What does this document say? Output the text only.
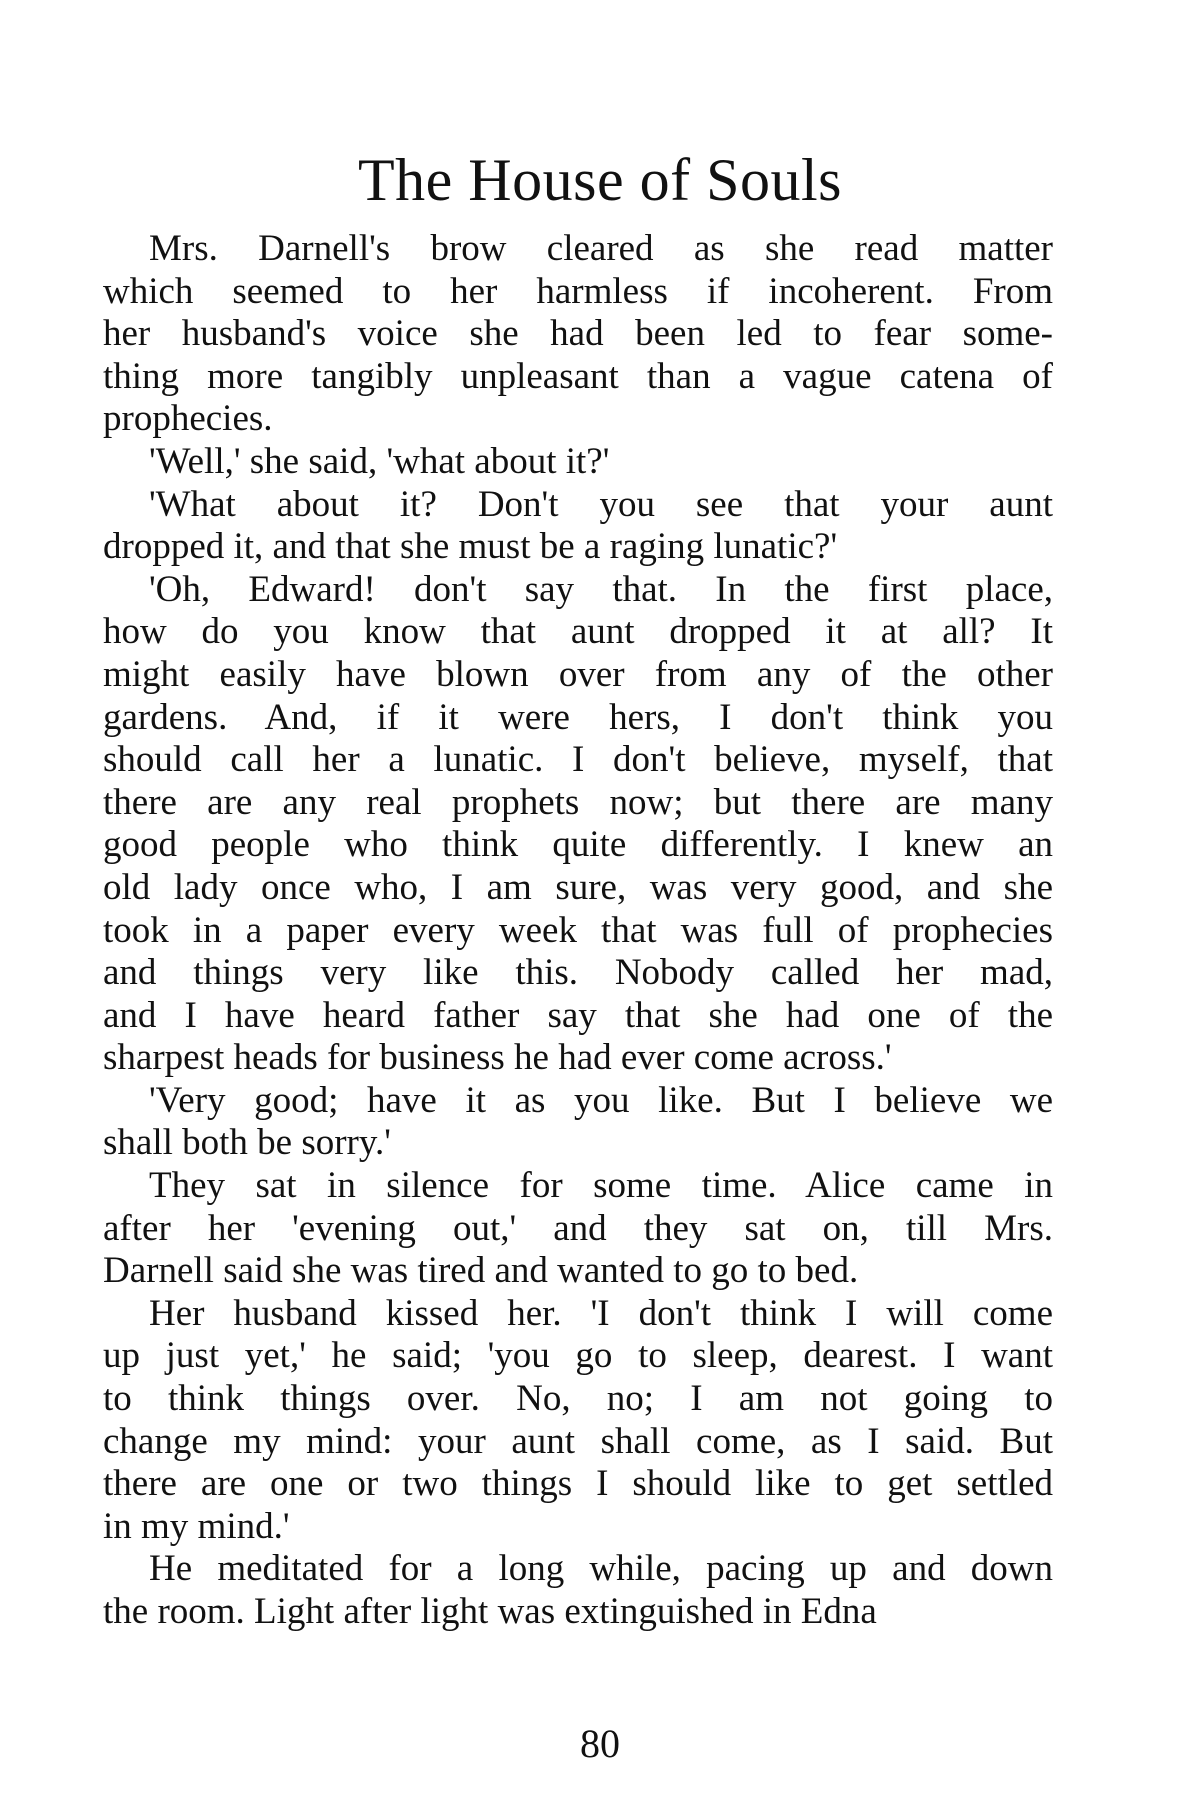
The House of Souls
Mrs. Darnell's brow cleared as she read matter
which seemed to her harmless if incoherent. From
her husband's voice she had been led to fear some-
thing more tangibly unpleasant than a vague catena of
prophecies.
'Well,' she said, 'what about it?'
'What about it? Don't you see that your aunt
dropped it, and that she must be a raging lunatic?'
'Oh, Edward! don't say that. In the first place,
how do you know that aunt dropped it at all? It
might easily have blown over from any of the other
gardens. And, if it were hers, I don't think you
should call her a lunatic. I don't believe, myself, that
there are any real prophets now; but there are many
good people who think quite differently. I knew an
old lady once who, I am sure, was very good, and she
took in a paper every week that was full of prophecies
and things very like this. Nobody called her mad,
and I have heard father say that she had one of the
sharpest heads for business he had ever come across.'
'Very good; have it as you like. But I believe we
shall both be sorry.'
They sat in silence for some time. Alice came in
after her 'evening out,' and they sat on, till Mrs.
Darnell said she was tired and wanted to go to bed.
Her husband kissed her. 'I don't think I will come
up just yet,' he said; 'you go to sleep, dearest. I want
to think things over. No, no; I am not going to
change my mind: your aunt shall come, as I said. But
there are one or two things I should like to get settled
in my mind.'
He meditated for a long while, pacing up and down
the room. Light after light was extinguished in Edna
80
